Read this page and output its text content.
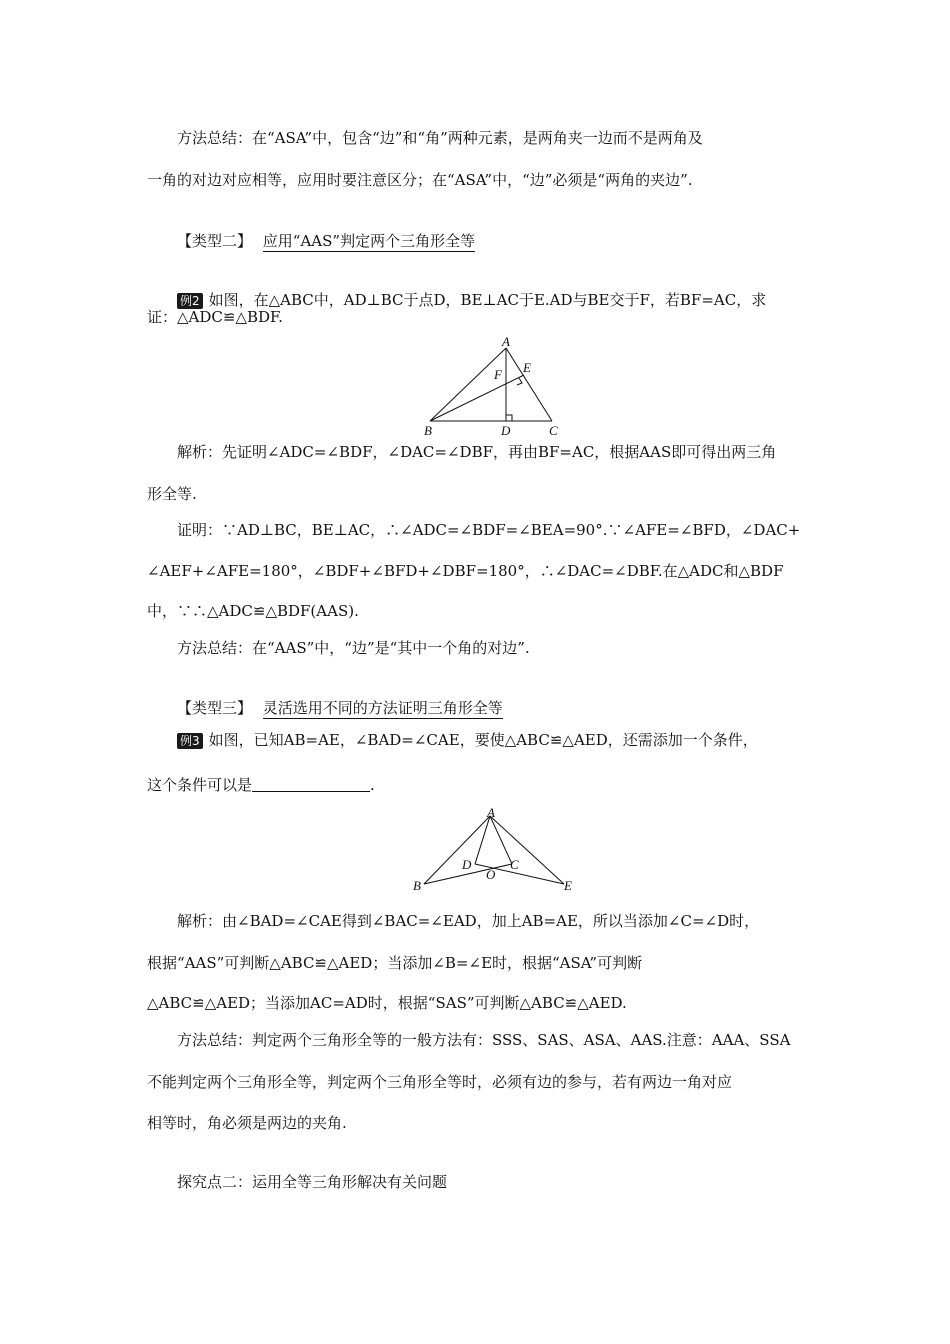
方法总结：在“ASA”中，包含“边”和“角”两种元素，是两角夹一边而不是两角及
一角的对边对应相等，应用时要注意区分；在“ASA”中，“边”必须是“两角的夹边”.
【类型二】 应用“AAS”判定两个三角形全等
例2 如图，在△ABC中，AD⊥BC于点D，BE⊥AC于E.AD与BE交于F，若BF=AC，求
证：△ADC≌△BDF.
A
B	C
D
E
F
解析：先证明∠ADC=∠BDF，∠DAC=∠DBF，再由BF=AC，根据AAS即可得出两三角
形全等.
证明：∵AD⊥BC，BE⊥AC，∴∠ADC=∠BDF=∠BEA=90°.∵∠AFE=∠BFD，∠DAC+
∠AEF+∠AFE=180°，∠BDF+∠BFD+∠DBF=180°，∴∠DAC=∠DBF.在△ADC和△BDF
中，∵∴△ADC≌△BDF(AAS).
方法总结：在“AAS”中，“边”是“其中一个角的对边”.
【类型三】 灵活选用不同的方法证明三角形全等
例3 如图，已知AB=AE，∠BAD=∠CAE，要使△ABC≌△AED，还需添加一个条件，
这个条件可以是	.
A
B
C
D
E
O
解析：由∠BAD=∠CAE得到∠BAC=∠EAD，加上AB=AE，所以当添加∠C=∠D时，
根据“AAS”可判断△ABC≌△AED；当添加∠B=∠E时，根据“ASA”可判断
△ABC≌△AED；当添加AC=AD时，根据“SAS”可判断△ABC≌△AED.
方法总结：判定两个三角形全等的一般方法有：SSS、SAS、ASA、AAS.注意：AAA、SSA
不能判定两个三角形全等，判定两个三角形全等时，必须有边的参与，若有两边一角对应
相等时，角必须是两边的夹角.
探究点二：运用全等三角形解决有关问题
